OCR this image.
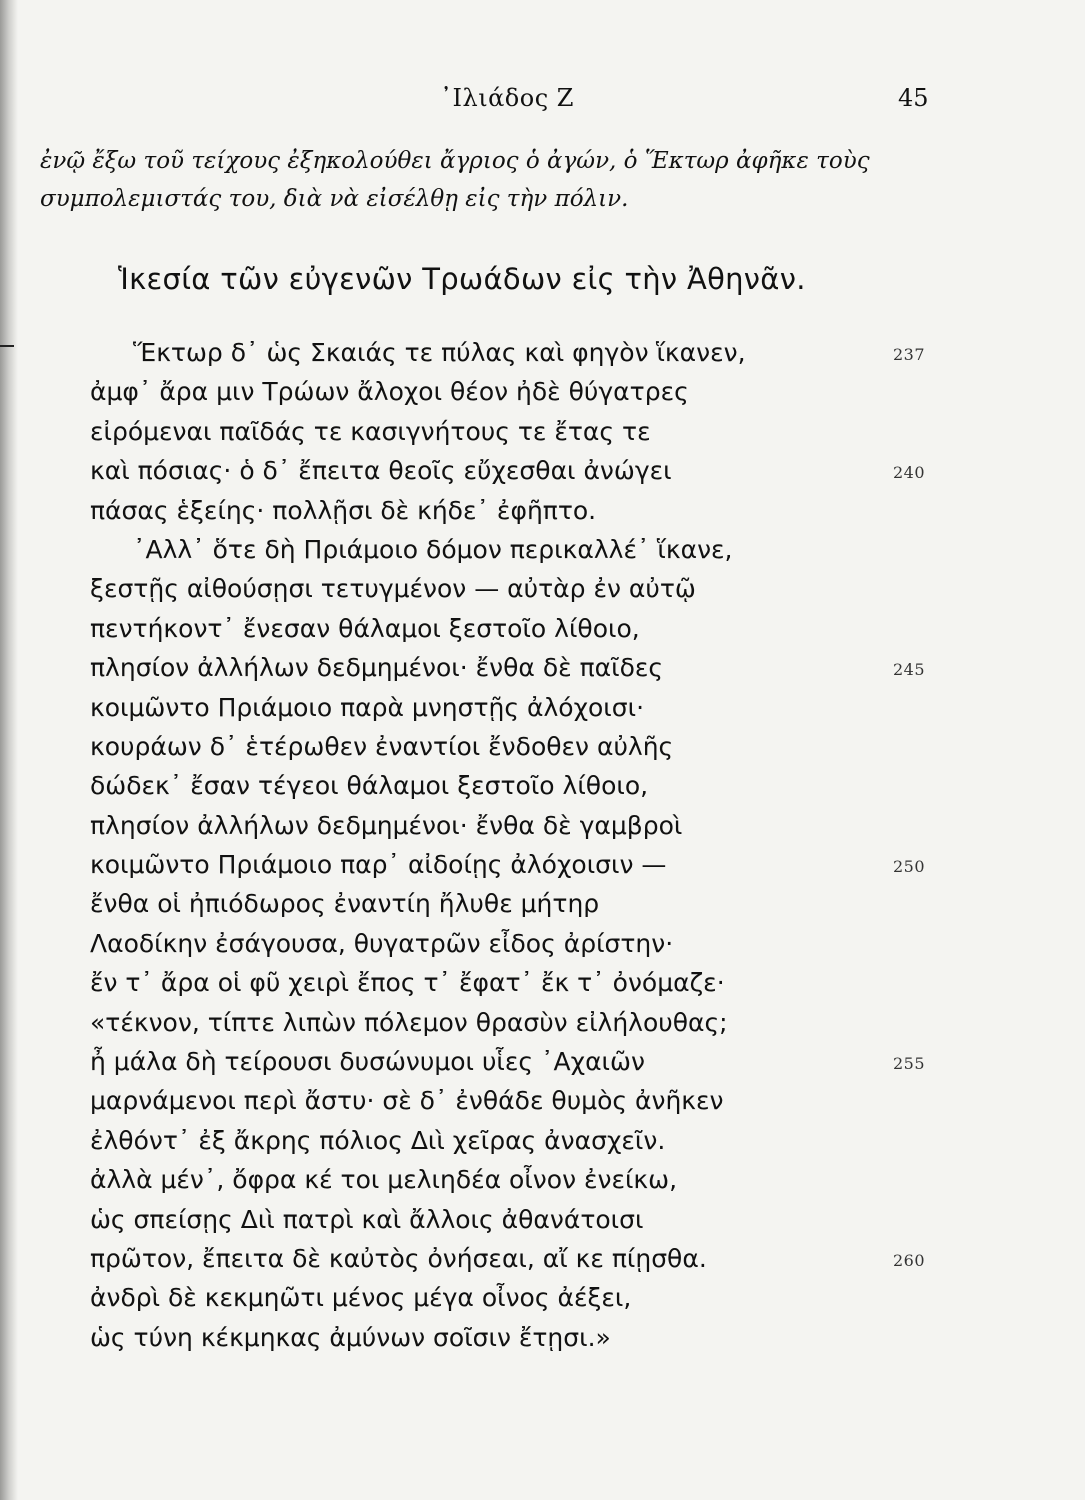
᾿Ιλιάδος Ζ	45

ἐνῷ ἔξω τοῦ τείχους ἐξηκολούθει ἄγριος ὁ ἀγών, ὁ Ἕκτωρ ἀφῆκε τοὺς

συμπολεμιστάς του, διὰ νὰ εἰσέλθῃ εἰς τὴν πόλιν.

Ἱκεσία τῶν εὐγενῶν Τρωάδων εἰς τὴν Ἀθηνᾶν.
Ἕκτωρ δ᾿ ὡς Σκαιάς τε πύλας καὶ φηγὸν ἵκανεν,	237
ἀμφ᾿ ἄρα μιν Τρώων ἄλοχοι θέον ἠδὲ θύγατρες
εἰρόμεναι παῖδάς τε κασιγνήτους τε ἔτας τε
καὶ πόσιας· ὁ δ᾿ ἔπειτα θεοῖς εὔχεσθαι ἀνώγει	240
πάσας ἑξείης· πολλῇσι δὲ κήδε᾿ ἐφῆπτο.
᾿Αλλ᾿ ὅτε δὴ Πριάμοιο δόμον περικαλλέ᾿ ἵκανε,
ξεστῇς αἰθούσῃσι τετυγμένον — αὐτὰρ ἐν αὐτῷ
πεντήκοντ᾿ ἔνεσαν θάλαμοι ξεστοῖο λίθοιο,
πλησίον ἀλλήλων δεδμημένοι· ἔνθα δὲ παῖδες	245
κοιμῶντο Πριάμοιο παρὰ μνηστῇς ἀλόχοισι·
κουράων δ᾿ ἑτέρωθεν ἐναντίοι ἔνδοθεν αὐλῆς
δώδεκ᾿ ἔσαν τέγεοι θάλαμοι ξεστοῖο λίθοιο,
πλησίον ἀλλήλων δεδμημένοι· ἔνθα δὲ γαμβροὶ
κοιμῶντο Πριάμοιο παρ᾿ αἰδοίῃς ἀλόχοισιν —	250
ἔνθα οἱ ἠπιόδωρος ἐναντίη ἤλυθε μήτηρ
Λαοδίκην ἐσάγουσα, θυγατρῶν εἶδος ἀρίστην·
ἔν τ᾿ ἄρα οἱ φῦ χειρὶ ἔπος τ᾿ ἔφατ᾿ ἔκ τ᾿ ὀνόμαζε·
«τέκνον, τίπτε λιπὼν πόλεμον θρασὺν εἰλήλουθας;
ἦ μάλα δὴ τείρουσι δυσώνυμοι υἷες ᾿Αχαιῶν	255
μαρνάμενοι περὶ ἄστυ· σὲ δ᾿ ἐνθάδε θυμὸς ἀνῆκεν
ἐλθόντ᾿ ἐξ ἄκρης πόλιος Διὶ χεῖρας ἀνασχεῖν.
ἀλλὰ μέν᾿, ὄφρα κέ τοι μελιηδέα οἶνον ἐνείκω,
ὡς σπείσῃς Διὶ πατρὶ καὶ ἄλλοις ἀθανάτοισι
πρῶτον, ἔπειτα δὲ καὐτὸς ὀνήσεαι, αἴ κε πίῃσθα.	260
ἀνδρὶ δὲ κεκμηῶτι μένος μέγα οἶνος ἀέξει,
ὡς τύνη κέκμηκας ἀμύνων σοῖσιν ἔτῃσι.»
